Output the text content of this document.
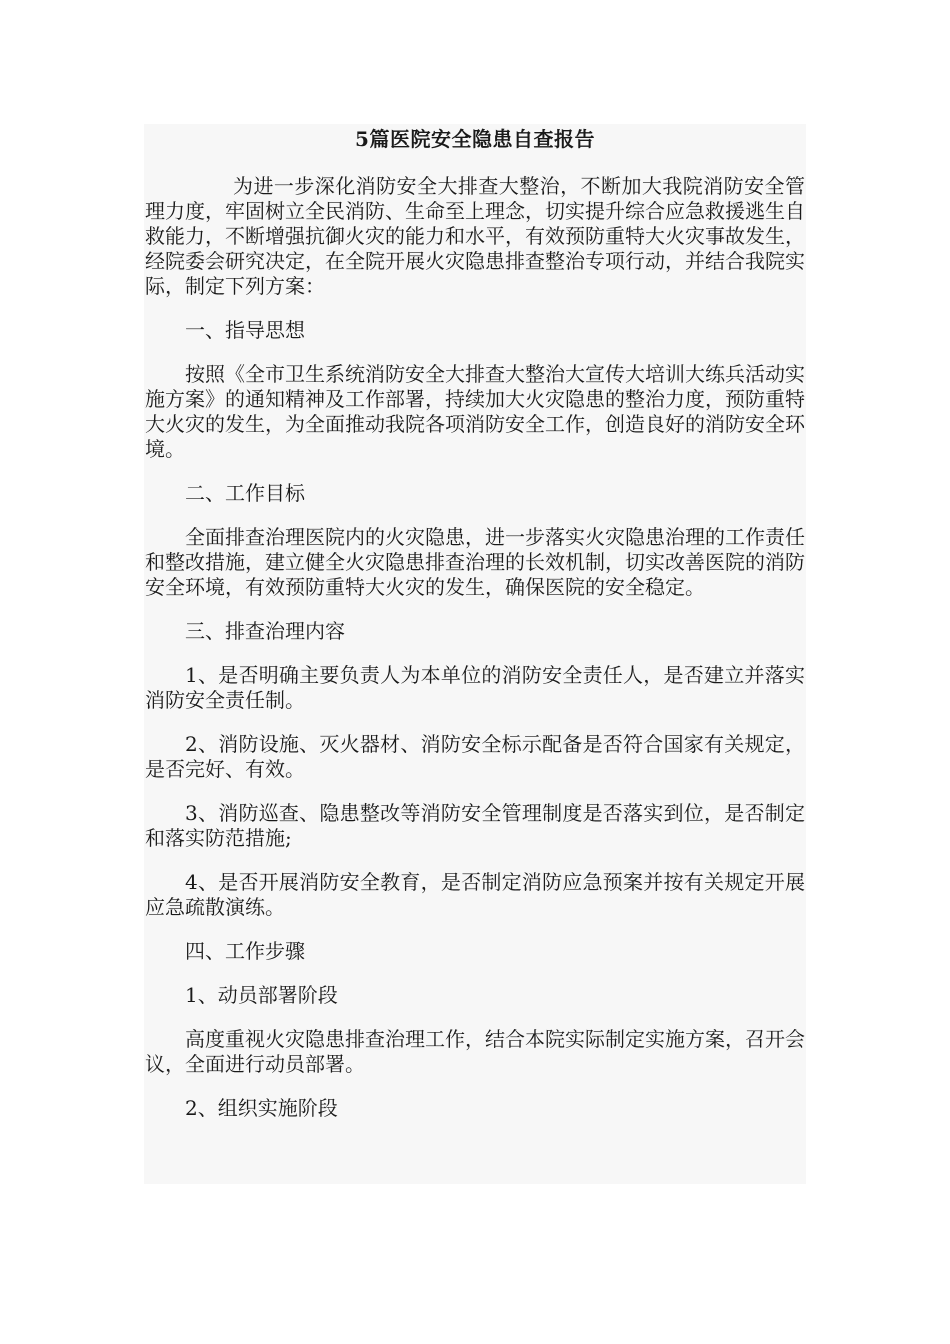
5篇医院安全隐患自查报告

为进一步深化消防安全大排查大整治，不断加大我院消防安全管理力度，牢固树立全民消防、生命至上理念，切实提升综合应急救援逃生自救能力，不断增强抗御火灾的能力和水平，有效预防重特大火灾事故发生，经院委会研究决定，在全院开展火灾隐患排查整治专项行动，并结合我院实际，制定下列方案：

一、指导思想

按照《全市卫生系统消防安全大排查大整治大宣传大培训大练兵活动实施方案》的通知精神及工作部署，持续加大火灾隐患的整治力度，预防重特大火灾的发生，为全面推动我院各项消防安全工作，创造良好的消防安全环境。

二、工作目标

全面排查治理医院内的火灾隐患，进一步落实火灾隐患治理的工作责任和整改措施，建立健全火灾隐患排查治理的长效机制，切实改善医院的消防安全环境，有效预防重特大火灾的发生，确保医院的安全稳定。

三、排查治理内容

1、是否明确主要负责人为本单位的消防安全责任人，是否建立并落实消防安全责任制。

2、消防设施、灭火器材、消防安全标示配备是否符合国家有关规定，是否完好、有效。

3、消防巡查、隐患整改等消防安全管理制度是否落实到位，是否制定和落实防范措施;

4、是否开展消防安全教育，是否制定消防应急预案并按有关规定开展应急疏散演练。

四、工作步骤

1、动员部署阶段

高度重视火灾隐患排查治理工作，结合本院实际制定实施方案，召开会议，全面进行动员部署。

2、组织实施阶段
